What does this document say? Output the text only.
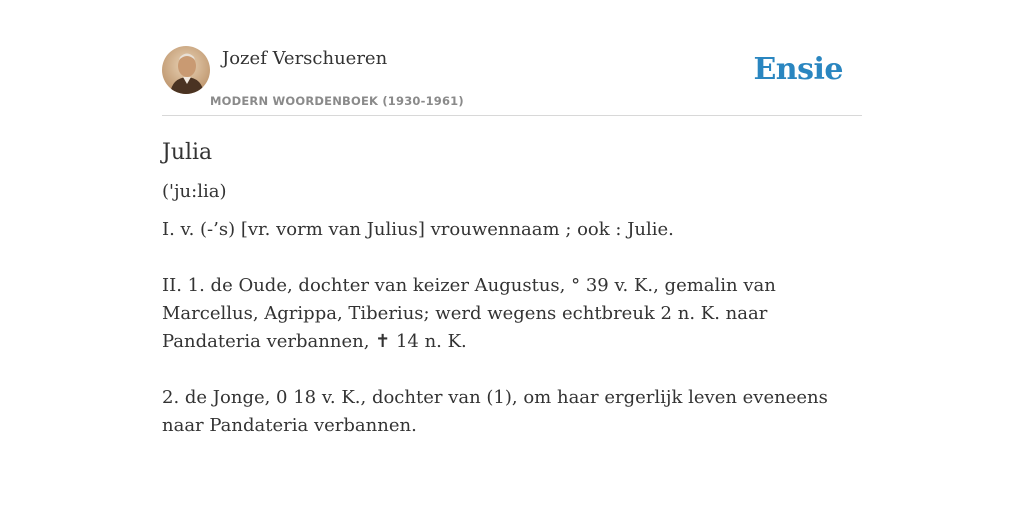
Jozef Verschueren
MODERN WOORDENBOEK (1930-1961)
Ensie
Julia
('ju:lia)

I. v. (-’s) [vr. vorm van Julius] vrouwennaam ; ook : Julie.

II. 1. de Oude, dochter van keizer Augustus, ° 39 v. K., gemalin van Marcellus, Agrippa, Tiberius; werd wegens echtbreuk 2 n. K. naar Pandateria verbannen, ✝ 14 n. K.

2. de Jonge, 0 18 v. K., dochter van (1), om haar ergerlijk leven eveneens naar Pandateria verbannen.
